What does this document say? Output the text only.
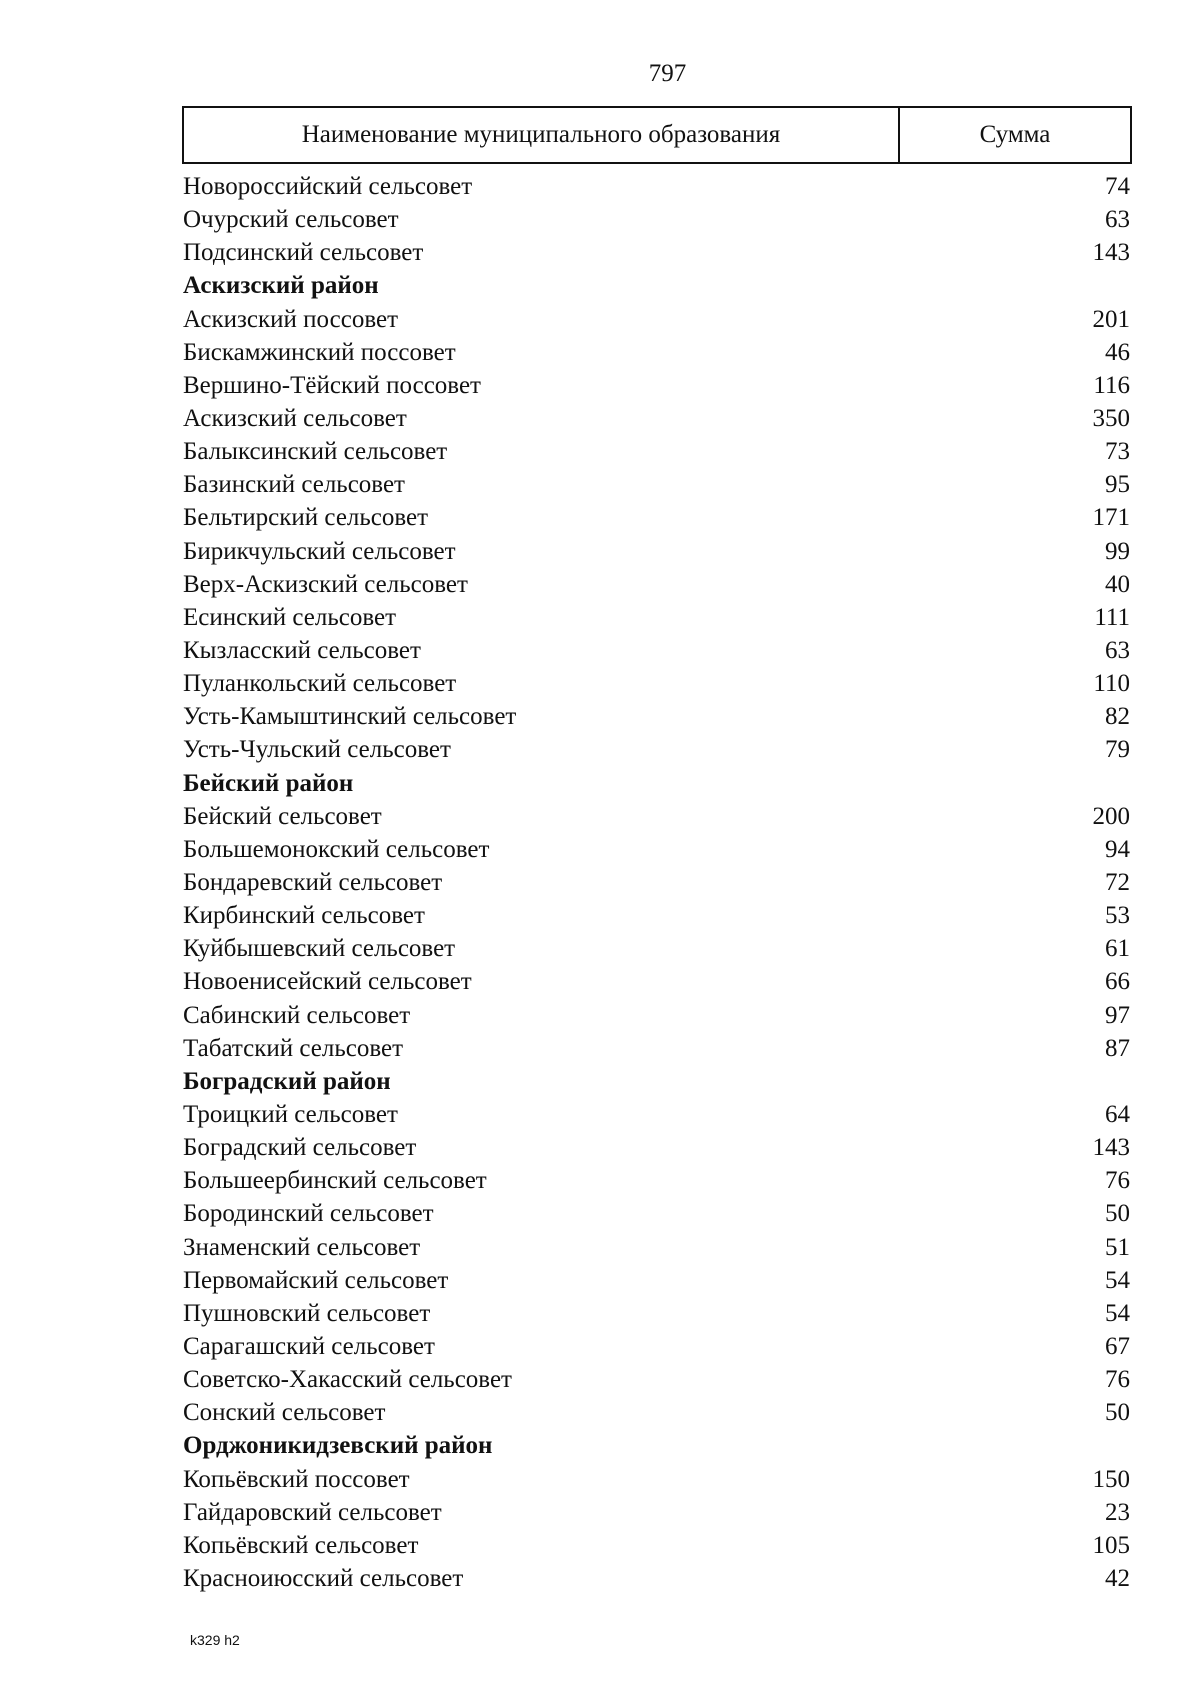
797
Наименование муниципального образования	Сумма
Новороссийский сельсовет	74
Очурский сельсовет	63
Подсинский сельсовет	143
Аскизский район
Аскизский поссовет	201
Бискамжинский поссовет	46
Вершино-Тёйский поссовет	116
Аскизский сельсовет	350
Балыксинский сельсовет	73
Базинский сельсовет	95
Бельтирский сельсовет	171
Бирикчульский сельсовет	99
Верх-Аскизский сельсовет	40
Есинский сельсовет	111
Кызласский сельсовет	63
Пуланкольский сельсовет	110
Усть-Камыштинский сельсовет	82
Усть-Чульский сельсовет	79
Бейский район
Бейский сельсовет	200
Большемонокский сельсовет	94
Бондаревский сельсовет	72
Кирбинский сельсовет	53
Куйбышевский сельсовет	61
Новоенисейский сельсовет	66
Сабинский сельсовет	97
Табатский сельсовет	87
Боградский район
Троицкий сельсовет	64
Боградский сельсовет	143
Большеербинский сельсовет	76
Бородинский сельсовет	50
Знаменский сельсовет	51
Первомайский сельсовет	54
Пушновский сельсовет	54
Сарагашский сельсовет	67
Советско-Хакасский сельсовет	76
Сонский сельсовет	50
Орджоникидзевский район
Копьёвский поссовет	150
Гайдаровский сельсовет	23
Копьёвский сельсовет	105
Красноиюсский сельсовет	42
k329 h2
